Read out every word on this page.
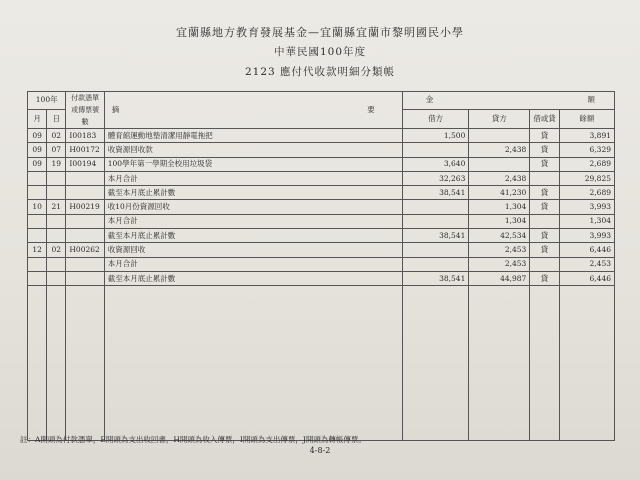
宜蘭縣地方教育發展基金—宜蘭縣宜蘭市黎明國民小學
中華民國100年度
2123 應付代收款明細分類帳
100年		付款憑單或傳票號數	摘 要	金 額			

月	日			借方	貸方	借或貸	餘額
09	02	I00183	體育館運動地墊清潔用靜電拖把	1,500		貸	3,891
09	07	H00172	收資源回收款		2,438	貸	6,329
09	19	I00194	100學年第一學期全校用垃圾袋	3,640		貸	2,689
			本月合計	32,263	2,438		29,825
			截至本月底止累計數	38,541	41,230	貸	2,689
10	21	H00219	收10月份資源回收		1,304	貸	3,993
			本月合計		1,304		1,304
			截至本月底止累計數	38,541	42,534	貸	3,993
12	02	H00262	收資源回收		2,453	貸	6,446
			本月合計		2,453		2,453
			截至本月底止累計數	38,541	44,987	貸	6,446

註：A開頭為付款憑單，E開頭為支出收回書，H開頭為收入傳票，I開頭為支出傳票，J開頭為轉帳傳票。
4-8-2
